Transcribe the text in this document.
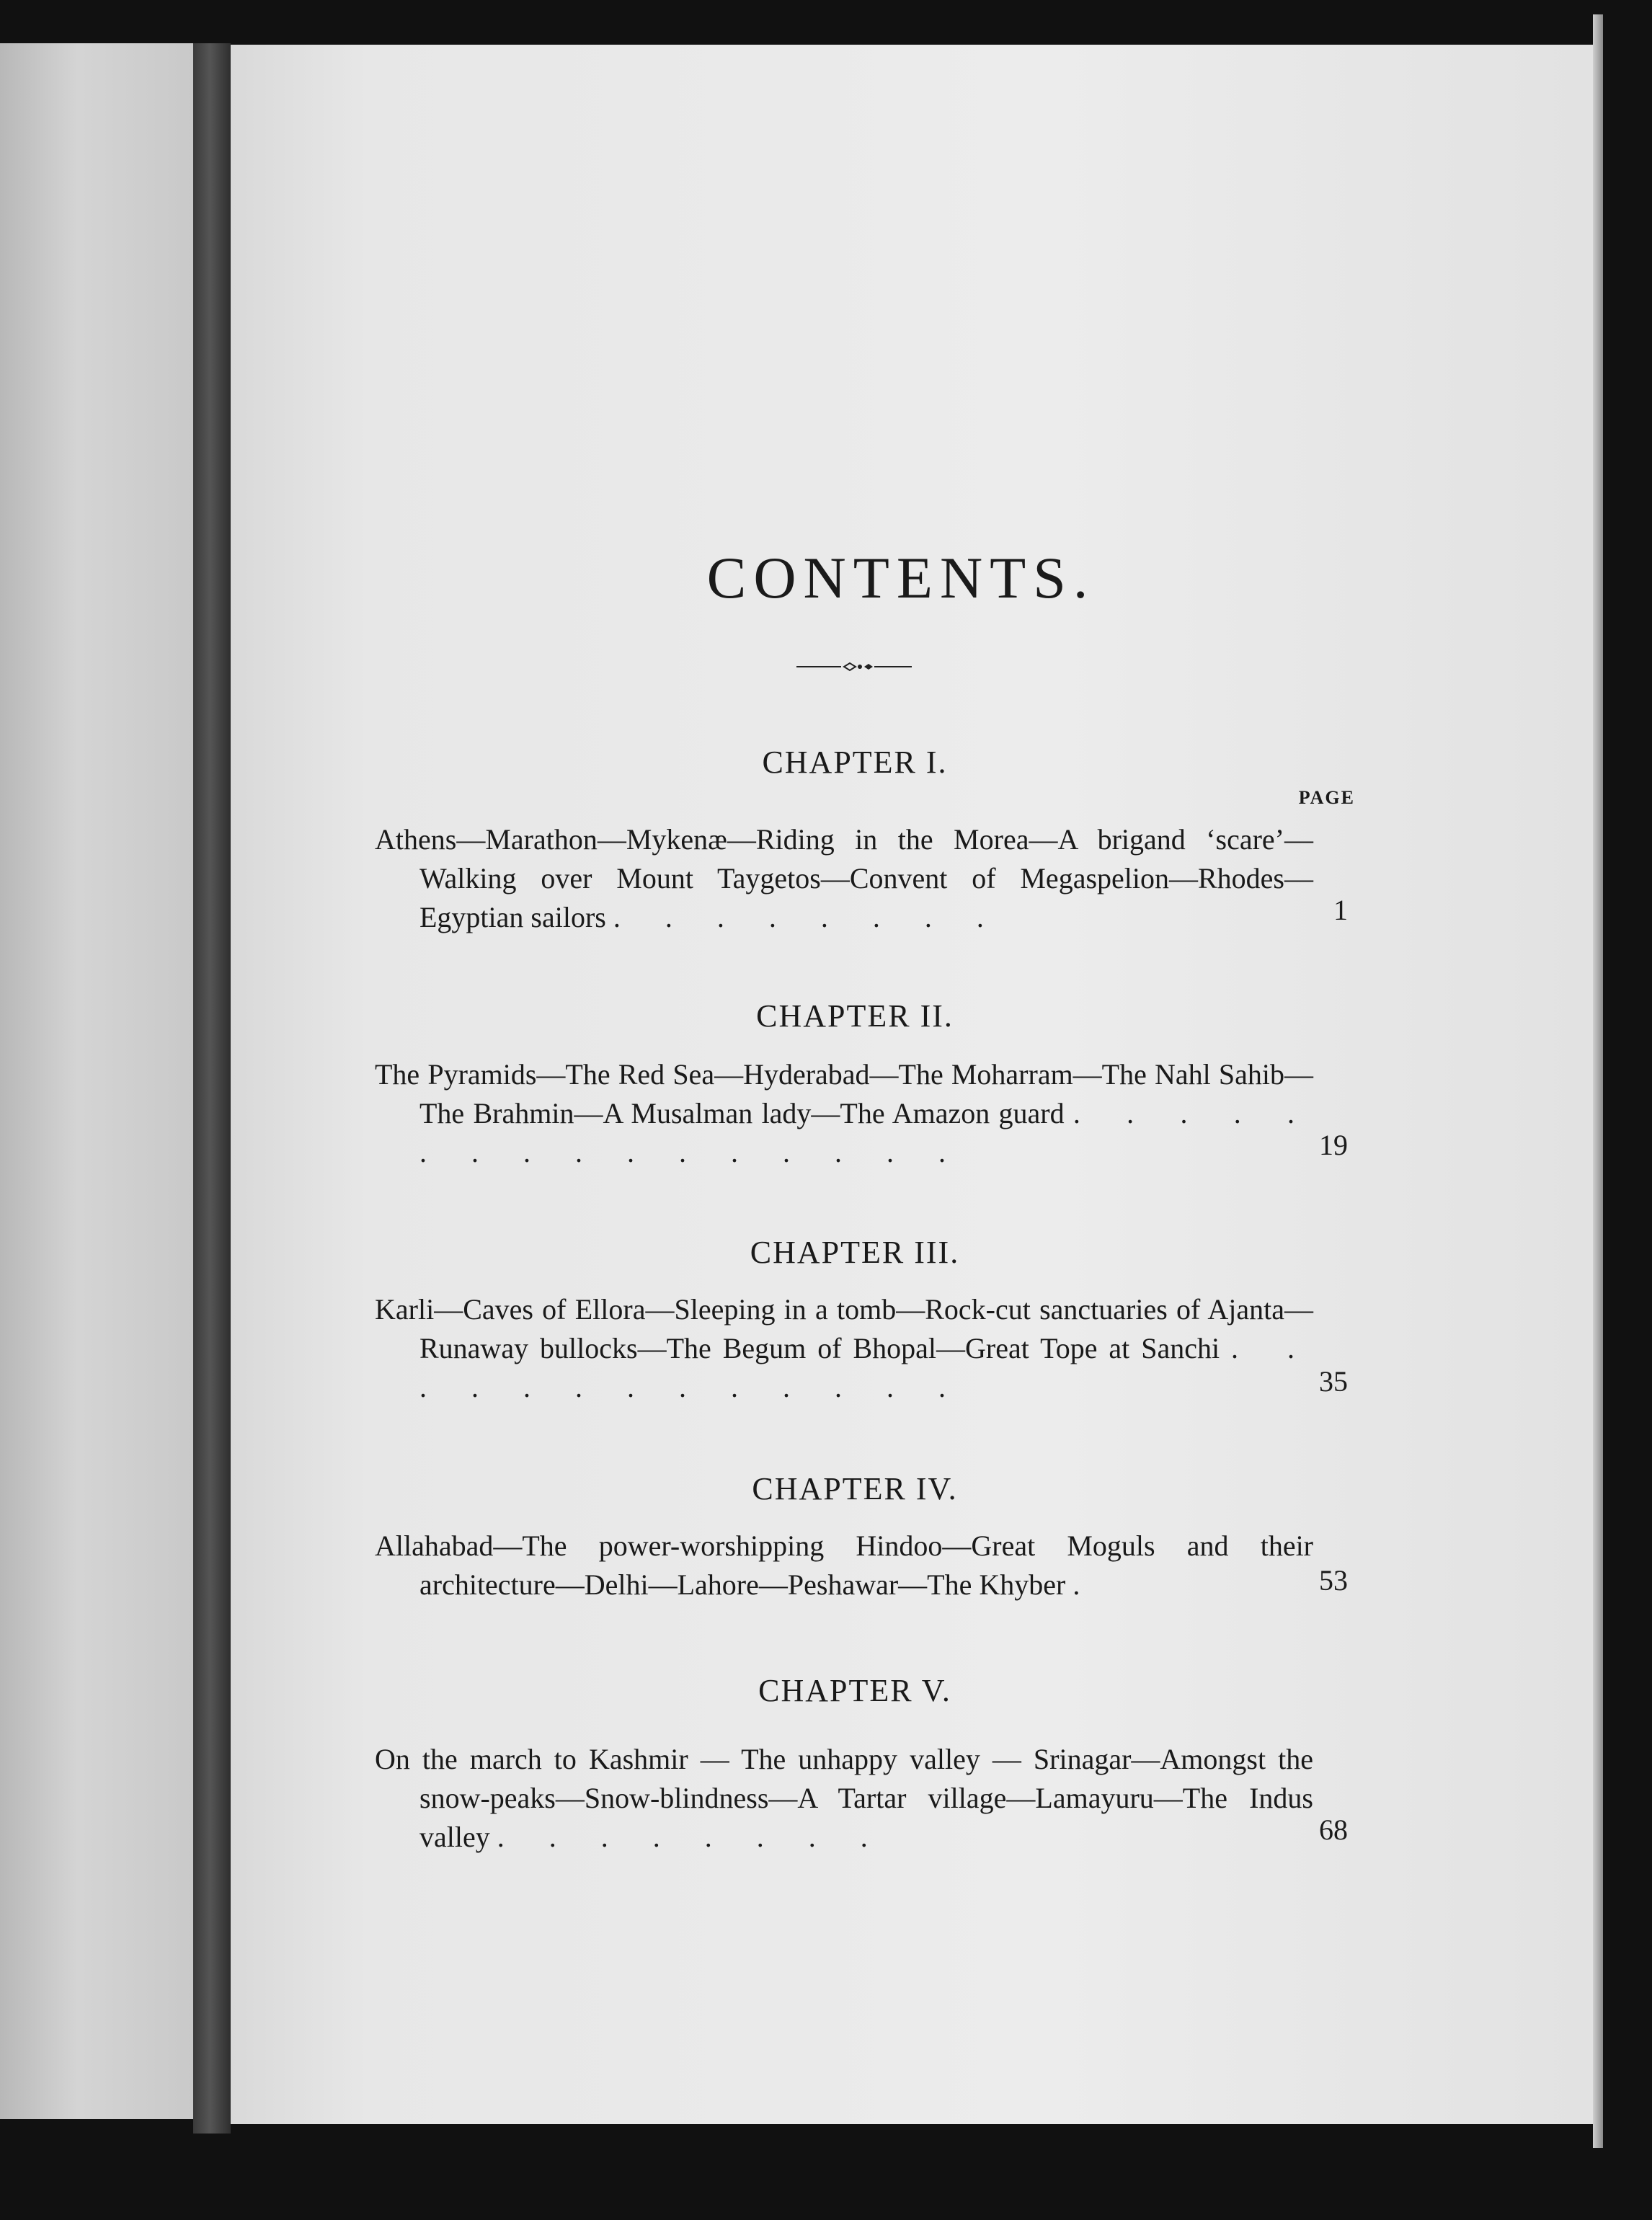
CONTENTS.
CHAPTER I.
PAGE
Athens—Marathon—Mykenæ—Riding in the Morea—A brigand ‘scare’—Walking over Mount Taygetos—Convent of Megaspelion—Rhodes—Egyptian sailors . . . . . . . .	1
CHAPTER II.
The Pyramids—The Red Sea—Hyderabad—The Moharram—The Nahl Sahib—The Brahmin—A Musalman lady—The Amazon guard . . . . . . . . . . . . . . . .	19
CHAPTER III.
Karli—Caves of Ellora—Sleeping in a tomb—Rock-cut sanctuaries of Ajanta—Runaway bullocks—The Begum of Bhopal—Great Tope at Sanchi . . . . . . . . . . . . .	35
CHAPTER IV.
Allahabad—The power-worshipping Hindoo—Great Moguls and their architecture—Delhi—Lahore—Peshawar—The Khyber .	53
CHAPTER V.
On the march to Kashmir — The unhappy valley — Srinagar—Amongst the snow-peaks—Snow-blindness—A Tartar village—Lamayuru—The Indus valley . . . . . . . .	68
